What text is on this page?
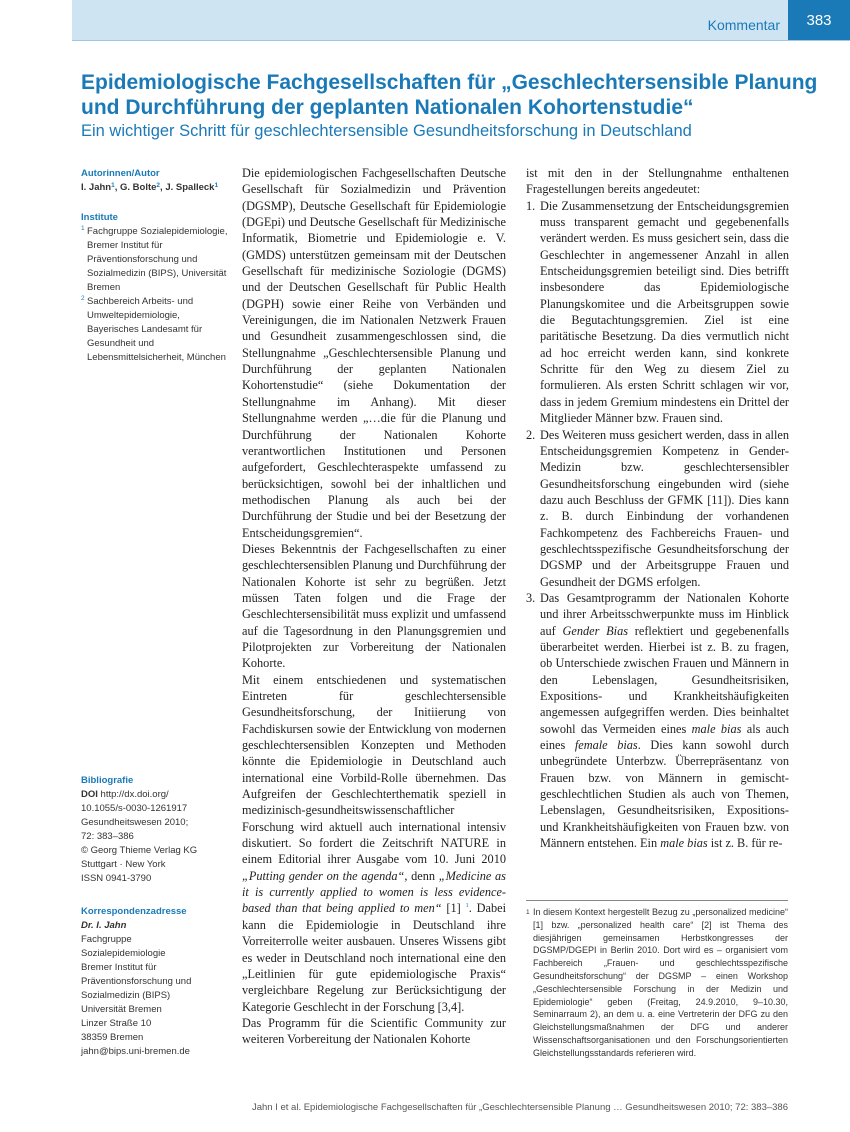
Kommentar	383
Epidemiologische Fachgesellschaften für „Geschlechtersensible Planung und Durchführung der geplanten Nationalen Kohortenstudie“
Ein wichtiger Schritt für geschlechtersensible Gesundheitsforschung in Deutschland
Autorinnen/Autor
I. Jahn$^1$, G. Bolte$^2$, J. Spalleck$^1$
Institute
1 Fachgruppe Sozialepidemiologie, Bremer Institut für Präventionsforschung und Sozialmedizin (BIPS), Universität Bremen
2 Sachbereich Arbeits- und Umweltepidemiologie, Bayerisches Landesamt für Gesundheit und Lebensmittelsicherheit, München
Bibliografie
DOI http://dx.doi.org/
10.1055/s-0030-1261917
Gesundheitswesen 2010;
72: 383–386
© Georg Thieme Verlag KG
Stuttgart · New York
ISSN 0941-3790
Korrespondenzadresse
Dr. I. Jahn
Fachgruppe
Sozialepidemiologie
Bremer Institut für
Präventionsforschung und
Sozialmedizin (BIPS)
Universität Bremen
Linzer Straße 10
38359 Bremen
jahn@bips.uni-bremen.de

Die epidemiologischen Fachgesellschaften Deutsche Gesellschaft für Sozialmedizin und Prävention (DGSMP), Deutsche Gesellschaft für Epidemiologie (DGEpi) und Deutsche Gesellschaft für Medizinische Informatik, Biometrie und Epidemiologie e. V. (GMDS) unterstützen gemeinsam mit der Deutschen Gesellschaft für medizinische Soziologie (DGMS) und der Deutschen Gesellschaft für Public Health (DGPH) sowie einer Reihe von Verbänden und Vereinigungen, die im Nationalen Netzwerk Frauen und Gesundheit zusammengeschlossen sind, die Stellungnahme „Geschlechtersensible Planung und Durchführung der geplanten Nationalen Kohortenstudie“ (siehe Dokumentation der Stellungnahme im Anhang). Mit dieser Stellungnahme werden „…die für die Planung und Durchführung der Nationalen Kohorte verantwortlichen Institutionen und Personen aufgefordert, Geschlechteraspekte umfassend zu berücksichtigen, sowohl bei der inhaltlichen und methodischen Planung als auch bei der Durchführung der Studie und bei der Besetzung der Entscheidungsgremien“.

Dieses Bekenntnis der Fachgesellschaften zu einer geschlechtersensiblen Planung und Durchführung der Nationalen Kohorte ist sehr zu begrüßen. Jetzt müssen Taten folgen und die Frage der Geschlechtersensibilität muss explizit und umfassend auf die Tagesordnung in den Planungsgremien und Pilotprojekten zur Vorbereitung der Nationalen Kohorte.

Mit einem entschiedenen und systematischen Eintreten für geschlechtersensible Gesundheitsforschung, der Initiierung von Fachdiskursen sowie der Entwicklung von modernen geschlechtersensiblen Konzepten und Methoden könnte die Epidemiologie in Deutschland auch international eine Vorbild-Rolle übernehmen. Das Aufgreifen der Geschlechterthematik speziell in medizinisch-gesundheitswissenschaftlicher Forschung wird aktuell auch international intensiv diskutiert. So fordert die Zeitschrift NATURE in einem Editorial ihrer Ausgabe vom 10. Juni 2010 „Putting gender on the agenda“, denn „Medicine as it is currently applied to women is less evidence-based than that being applied to men“ [1] $^1$. Dabei kann die Epidemiologie in Deutschland ihre Vorreiterrolle weiter ausbauen. Unseres Wissens gibt es weder in Deutschland noch international eine den „Leitlinien für gute epidemiologische Praxis“ vergleichbare Regelung zur Berücksichtigung der Kategorie Geschlecht in der Forschung [3,4].

Das Programm für die Scientific Community zur weiteren Vorbereitung der Nationalen Kohorte

ist mit den in der Stellungnahme enthaltenen Fragestellungen bereits angedeutet:

1. Die Zusammensetzung der Entscheidungsgremien muss transparent gemacht und gegebenenfalls verändert werden. Es muss gesichert sein, dass die Geschlechter in angemessener Anzahl in allen Entscheidungsgremien beteiligt sind. Dies betrifft insbesondere das Epidemiologische Planungskomitee und die Arbeitsgruppen sowie die Begutachtungsgremien. Ziel ist eine paritätische Besetzung. Da dies vermutlich nicht ad hoc erreicht werden kann, sind konkrete Schritte für den Weg zu diesem Ziel zu formulieren. Als ersten Schritt schlagen wir vor, dass in jedem Gremium mindestens ein Drittel der Mitglieder Männer bzw. Frauen sind.
2. Des Weiteren muss gesichert werden, dass in allen Entscheidungsgremien Kompetenz in Gender-Medizin bzw. geschlechtersensibler Gesundheitsforschung eingebunden wird (siehe dazu auch Beschluss der GFMK [11]). Dies kann z. B. durch Einbindung der vorhandenen Fachkompetenz des Fachbereichs Frauen- und geschlechtsspezifische Gesundheitsforschung der DGSMP und der Arbeitsgruppe Frauen und Gesundheit der DGMS erfolgen.
3. Das Gesamtprogramm der Nationalen Kohorte und ihrer Arbeitsschwerpunkte muss im Hinblick auf Gender Bias reflektiert und gegebenenfalls überarbeitet werden. Hierbei ist z. B. zu fragen, ob Unterschiede zwischen Frauen und Männern in den Lebenslagen, Gesundheitsrisiken, Expositions- und Krankheitshäufigkeiten angemessen aufgegriffen werden. Dies beinhaltet sowohl das Vermeiden eines male bias als auch eines female bias. Dies kann sowohl durch unbegründete Unterbzw. Überrepräsentanz von Frauen bzw. von Männern in gemischt-geschlechtlichen Studien als auch von Themen, Lebenslagen, Gesundheitsrisiken, Expositions- und Krankheitshäufigkeiten von Frauen bzw. von Männern entstehen. Ein male bias ist z. B. für re-
1 In diesem Kontext hergestellt Bezug zu „personalized medicine“ [1] bzw. „personalized health care“ [2] ist Thema des diesjährigen gemeinsamen Herbstkongresses der DGSMP/DGEPI in Berlin 2010. Dort wird es – organisiert vom Fachbereich „Frauen- und geschlechtsspezifische Gesundheitsforschung“ der DGSMP – einen Workshop „Geschlechtersensible Forschung in der Medizin und Epidemiologie“ geben (Freitag, 24.9.2010, 9–10.30, Seminarraum 2), an dem u. a. eine Vertreterin der DFG zu den Gleichstellungsmaßnahmen der DFG und anderer Wissenschaftsorganisationen und den Forschungsorientierten Gleichstellungsstandards referieren wird.
Jahn I et al. Epidemiologische Fachgesellschaften für „Geschlechtersensible Planung … Gesundheitswesen 2010; 72: 383–386
